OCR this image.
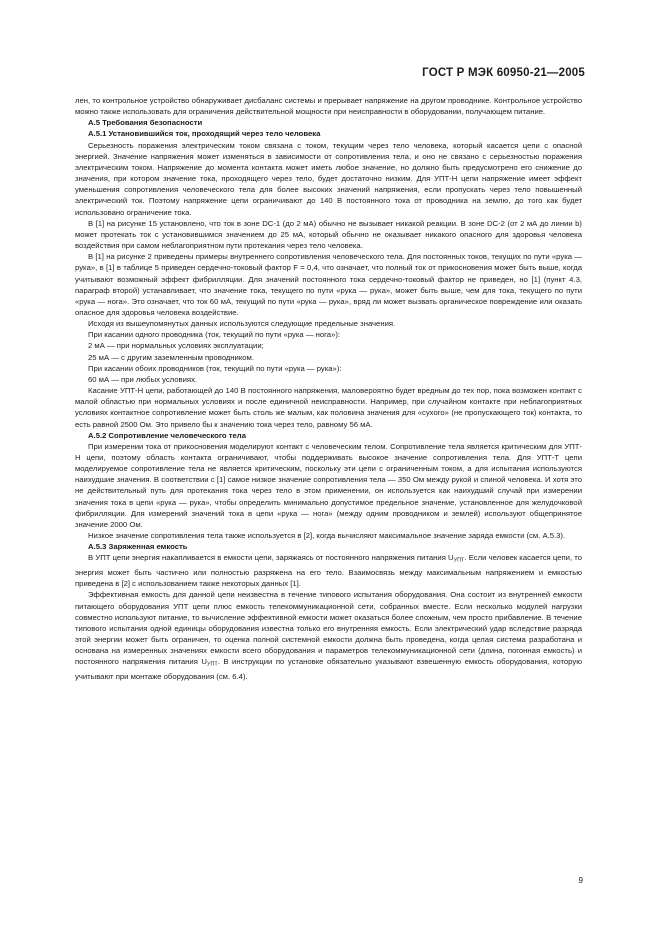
ГОСТ Р МЭК 60950-21—2005

лен, то контрольное устройство обнаруживает дисбаланс системы и прерывает напряжение на другом проводнике. Контрольное устройство можно также использовать для ограничения действительной мощности при неисправности в оборудовании, получающем питание.

А.5 Требования безопасности

А.5.1 Установившийся ток, проходящий через тело человека

Серьезность поражения электрическим током связана с током, текущим через тело человека, который касается цепи с опасной энергией. Значение напряжения может изменяться в зависимости от сопротивления тела, и оно не связано с серьезностью поражения электрическим током. Напряжение до момента контакта может иметь любое значение, но должно быть предусмотрено его снижение до значения, при котором значение тока, проходящего через тело, будет достаточно низким. Для УПТ-Н цепи напряжение имеет эффект уменьшения сопротивления человеческого тела для более высоких значений напряжения, если пропускать через тело повышенный электрический ток. Поэтому напряжение цепи ограничивают до 140 В постоянного тока от проводника на землю, до того как будет использовано ограничение тока.

В [1] на рисунке 15 установлено, что ток в зоне DC-1 (до 2 мА) обычно не вызывает никакой реакции. В зоне DC-2 (от 2 мА до линии b) может протекать ток с установившимся значением до 25 мА, который обычно не оказывает никакого опасного для здоровья человека воздействия при самом неблагоприятном пути протекания через тело человека.

В [1] на рисунке 2 приведены примеры внутреннего сопротивления человеческого тела. Для постоянных токов, текущих по пути «рука — рука», в [1] в таблице 5 приведен сердечно-токовый фактор F = 0,4, что означает, что полный ток от прикосновения может быть выше, когда учитывают возможный эффект фибрилляции. Для значений постоянного тока сердечно-токовый фактор не приведен, но [1] (пункт 4.3, параграф второй) устанавливает, что значение тока, текущего по пути «рука — рука», может быть выше, чем для тока, текущего по пути «рука — нога». Это означает, что ток 60 мА, текущий по пути «рука — рука», вряд ли может вызвать органическое повреждение или оказать опасное для здоровья человека воздействие.

Исходя из вышеупомянутых данных используются следующие предельные значения.

При касании одного проводника (ток, текущий по пути «рука — нога»):

2 мА — при нормальных условиях эксплуатации;

25 мА — с другим заземленным проводником.

При касании обоих проводников (ток, текущий по пути «рука — рука»):

60 мА — при любых условиях.

Касание УПТ-Н цепи, работающей до 140 В постоянного напряжения, маловероятно будет вредным до тех пор, пока возможен контакт с малой областью при нормальных условиях и после единичной неисправности. Например, при случайном контакте при неблагоприятных условиях контактное сопротивление может быть столь же малым, как половина значения для «сухого» (не пропускающего ток) контакта, то есть равной 2500 Ом. Это привело бы к значению тока через тело, равному 56 мА.

А.5.2 Сопротивление человеческого тела

При измерении тока от прикосновения моделируют контакт с человеческим телом. Сопротивление тела является критическим для УПТ-Н цепи, поэтому область контакта ограничивают, чтобы поддерживать высокое значение сопротивления тела. Для УПТ-Т цепи моделируемое сопротивление тела не является критическим, поскольку эти цепи с ограниченным током, а для испытания используются наихудшие значения. В соответствии с [1] самое низкое значение сопротивления тела — 350 Ом между рукой и спиной человека. И хотя это не действительный путь для протекания тока через тело в этом применении, он используется как наихудший случай при измерении значения тока в цепи «рука — рука», чтобы определить минимально допустимое предельное значение, установленное для желудочковой фибрилляции. Для измерений значений тока в цепи «рука — нога» (между одним проводником и землей) используют общепринятое значение 2000 Ом.

Низкое значение сопротивления тела также используется в [2], когда вычисляют максимальное значение заряда емкости (см. А.5.3).

А.5.3 Заряженная емкость

В УПТ цепи энергия накапливается в емкости цепи, заряжаясь от постоянного напряжения питания $U_{УПТ}$. Если человек касается цепи, то энергия может быть частично или полностью разряжена на его тело. Взаимосвязь между максимальным напряжением и емкостью приведена в [2] с использованием также некоторых данных [1].

Эффективная емкость для данной цепи неизвестна в течение типового испытания оборудования. Она состоит из внутренней емкости питающего оборудования УПТ цепи плюс емкость телекоммуникационной сети, собранных вместе. Если несколько модулей нагрузки совместно используют питание, то вычисление эффективной емкости может оказаться более сложным, чем просто прибавление. В течение типового испытания одной единицы оборудования известна только его внутренняя емкость. Если электрический удар вследствие разряда этой энергии может быть ограничен, то оценка полной системной емкости должна быть проведена, когда целая система разработана и основана на измеренных значениях емкости всего оборудования и параметров телекоммуникационной сети (длина, погонная емкость) и постоянного напряжения питания $U_{УПТ}$. В инструкции по установке обязательно указывают взвешенную емкость оборудования, которую учитывают при монтаже оборудования (см. 6.4).

9
